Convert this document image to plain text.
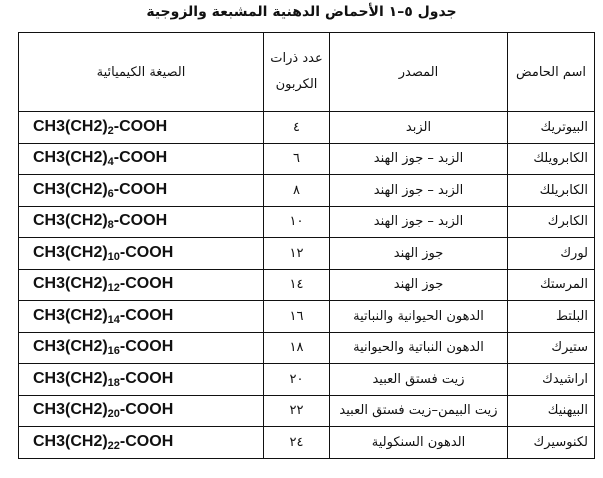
جدول ٥–١ الأحماض الدهنية المشبعة والزوجية
اسم الحامض	المصدر	عدد ذرات الكربون	الصيغة الكيميائية
البيوتريك	الزبد	٤	$CH3(CH2)_2$-COOH
الكابرويلك	الزبد – جوز الهند	٦	$CH3(CH2)_4$-COOH
الكابريلك	الزبد – جوز الهند	٨	$CH3(CH2)_6$-COOH
الكابرك	الزبد – جوز الهند	١٠	$CH3(CH2)_8$-COOH
لورك	جوز الهند	١٢	$CH3(CH2)_{10}$-COOH
المرستك	جوز الهند	١٤	$CH3(CH2)_{12}$-COOH
البلتط	الدهون الحيوانية والنباتية	١٦	$CH3(CH2)_{14}$-COOH
ستيرك	الدهون النباتية والحيوانية	١٨	$CH3(CH2)_{16}$-COOH
اراشيدك	زيت فستق العبيد	٢٠	$CH3(CH2)_{18}$-COOH
البيهنيك	زيت البيمن–زيت فستق العبيد	٢٢	$CH3(CH2)_{20}$-COOH
لكنوسيرك	الدهون السنكولية	٢٤	$CH3(CH2)_{22}$-COOH
